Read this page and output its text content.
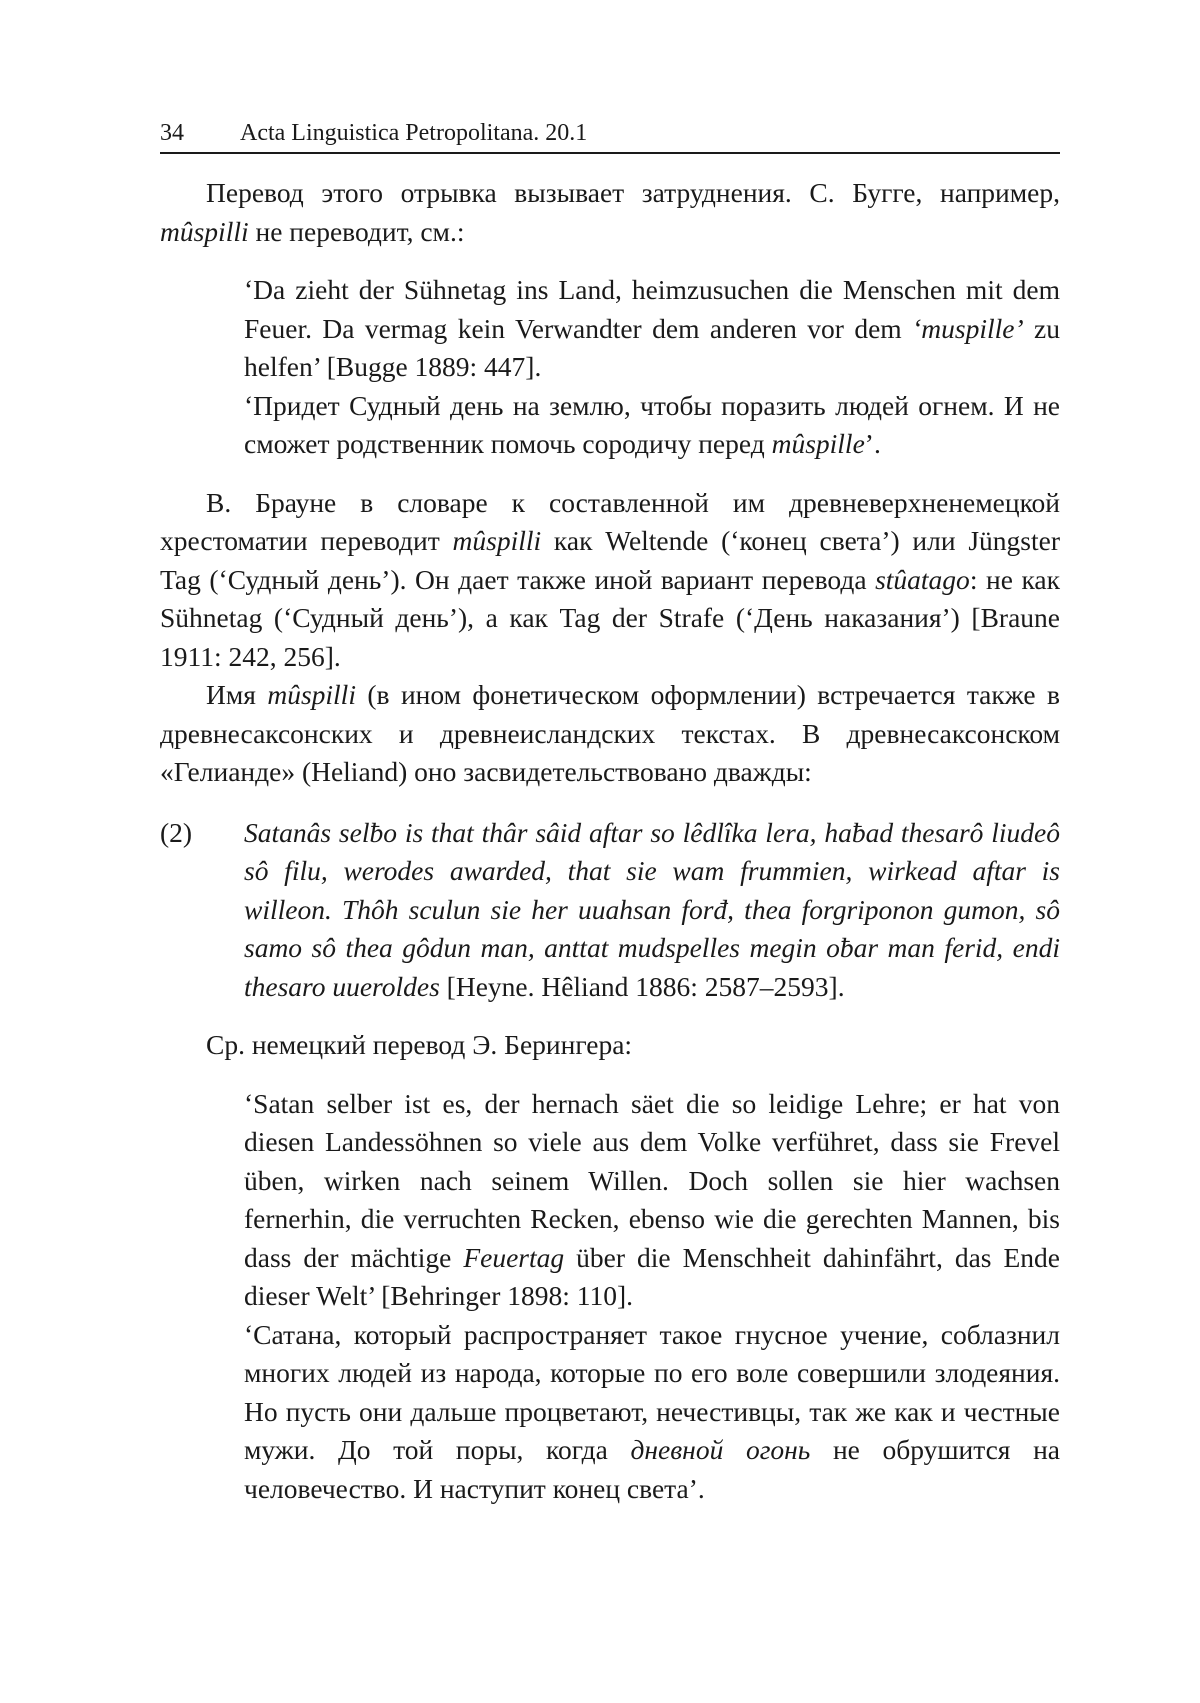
34	Acta Linguistica Petropolitana. 20.1

Перевод этого отрывка вызывает затруднения. С. Бугге, например, mûspilli не переводит, см.:

‘Da zieht der Sühnetag ins Land, heimzusuchen die Menschen mit dem Feuer. Da vermag kein Verwandter dem anderen vor dem ‘muspille’ zu helfen’ [Bugge 1889: 447].

‘Придет Судный день на землю, чтобы поразить людей огнем. И не сможет родственник помочь сородичу перед mûspille’.

В. Брауне в словаре к составленной им древневерхненемецкой хрестоматии переводит mûspilli как Weltende (‘конец света’) или Jüngster Tag (‘Судный день’). Он дает также иной вариант перевода stûatago: не как Sühnetag (‘Судный день’), а как Tag der Strafe (‘День наказания’) [Braune 1911: 242, 256].

Имя mûspilli (в ином фонетическом оформлении) встречается также в древнесаксонских и древнеисландских текстах. В древнесаксонском «Гелианде» (Heliand) оно засвидетельствовано дважды:

(2)	Satanâs selƀo is that thâr sâid aftar so lêdlîka lera, haƀad thesarô liudeô sô filu, werodes awarded, that sie wam frummien, wirkead aftar is willeon. Thôh sculun sie her uuahsan forđ, thea forgriponon gumon, sô samo sô thea gôdun man, anttat mudspelles megin oƀar man ferid, endi thesaro uueroldes [Heyne. Hêliand 1886: 2587–2593].

Ср. немецкий перевод Э. Берингера:

‘Satan selber ist es, der hernach säet die so leidige Lehre; er hat von diesen Landessöhnen so viele aus dem Volke verführet, dass sie Frevel üben, wirken nach seinem Willen. Doch sollen sie hier wachsen fernerhin, die verruchten Recken, ebenso wie die gerechten Mannen, bis dass der mächtige Feuertag über die Menschheit dahinfährt, das Ende dieser Welt’ [Behringer 1898: 110].

‘Сатана, который распространяет такое гнусное учение, соблазнил многих людей из народа, которые по его воле совершили злодеяния. Но пусть они дальше процветают, нечестивцы, так же как и честные мужи. До той поры, когда дневной огонь не обрушится на человечество. И наступит конец света’.
